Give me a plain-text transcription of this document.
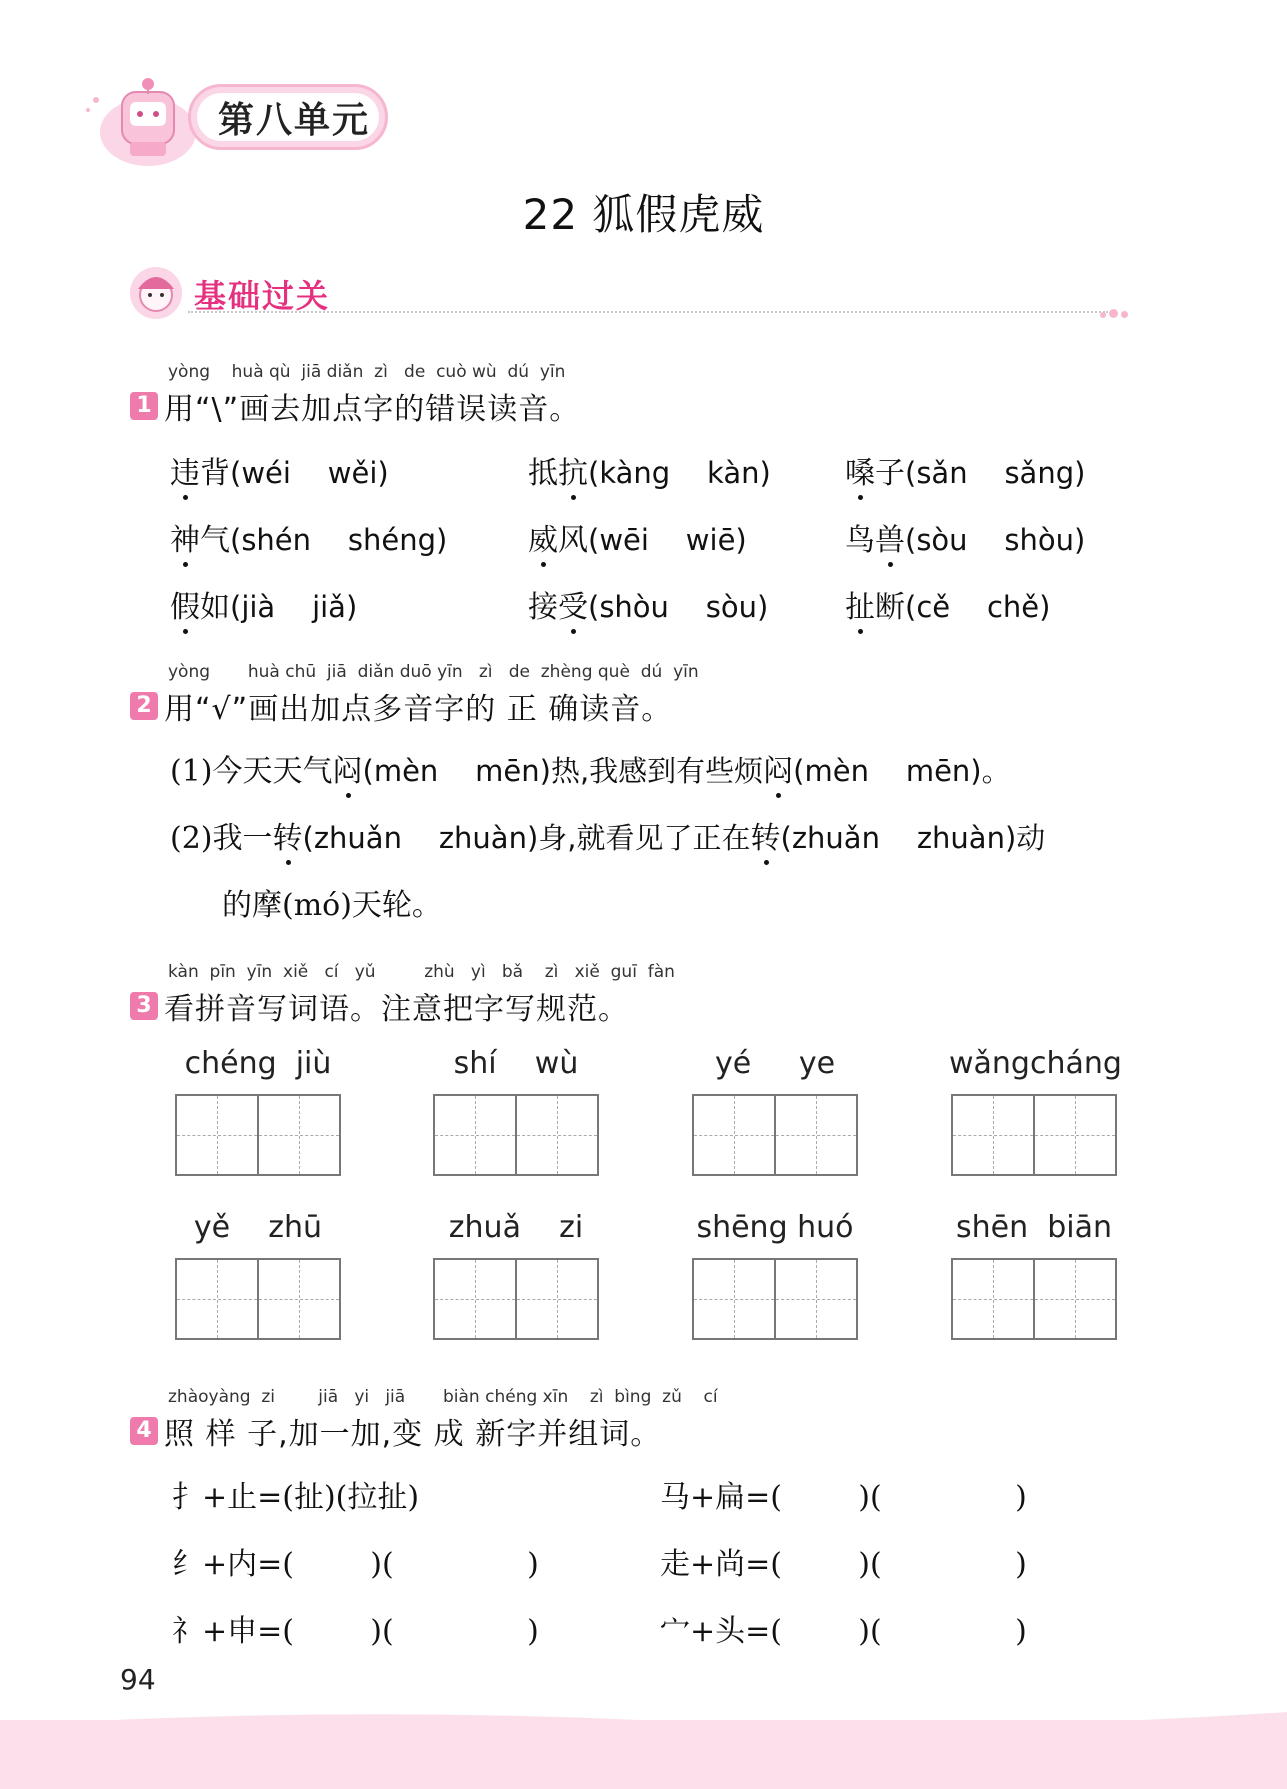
第八单元
22 狐假虎威
基础过关
yòng    huà qù  jiā diǎn  zì   de  cuò wù  dú  yīn
1 用“\”画去加点字的错误读音。
违背(wéi    wěi)	抵抗(kàng    kàn) 嗓子(sǎn    sǎng)
神气(shén    shéng)	威风(wēi    wiē)	鸟兽(sòu    shòu)
假如(jià    jiǎ)	接受(shòu    sòu)	扯断(cě    chě)
yòng       huà chū  jiā  diǎn duō yīn   zì   de  zhèng què  dú  yīn
2 用“√”画出加点多音字的 正 确读音。
(1)今天天气闷(mèn    mēn)热,我感到有些烦闷(mèn    mēn)。
(2)我一转(zhuǎn    zhuàn)身,就看见了正在转(zhuǎn    zhuàn)动
的摩(mó)天轮。
kàn  pīn  yīn  xiě   cí   yǔ         zhù   yì   bǎ    zì   xiě  guī  fàn
3 看拼音写词语。注意把字写规范。
chéng  jiù	shí    wù	yé     ye	wǎngcháng
yě    zhū	zhuǎ    zi	shēng huó	shēn  biān
zhàoyàng  zi        jiā   yi   jiā       biàn chéng xīn    zì  bìng  zǔ    cí
4 照 样 子,加一加,变 成 新字并组词。
扌+止=(扯)(拉扯)	马+扁=(        )(              )
纟+内=(        )(              )	走+尚=(        )(              )
礻+申=(        )(              )	宀+头=(        )(              )
94
